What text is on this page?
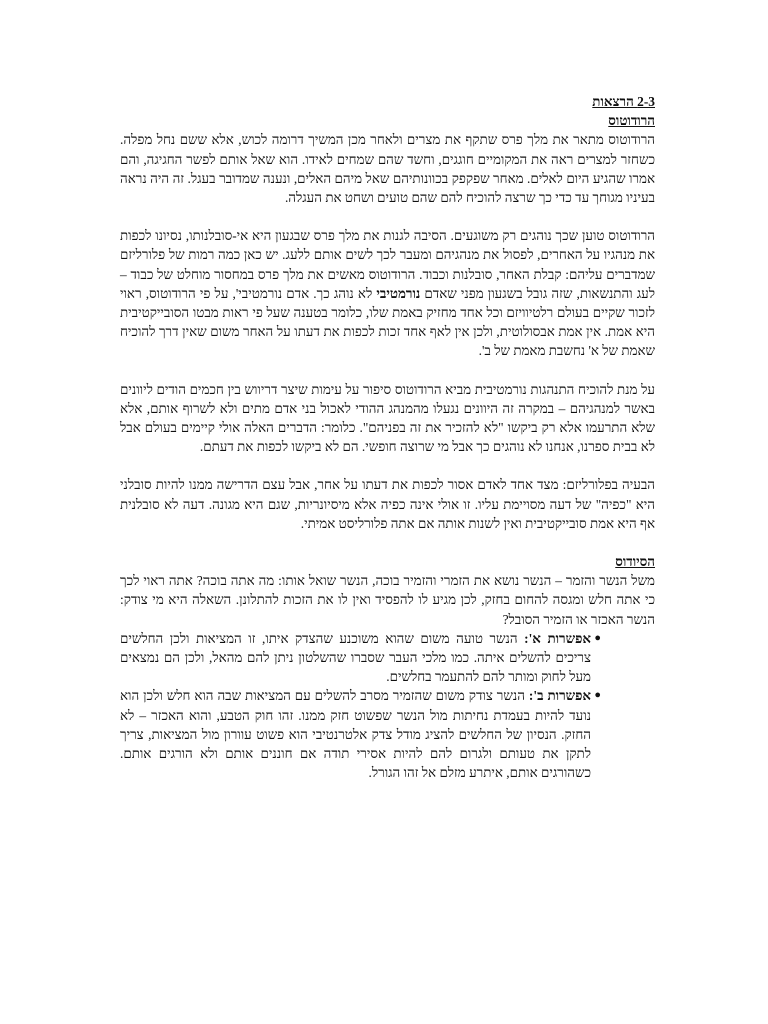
2-3 הרצאות

הרודוטוס

הרודוטוס מתאר את מלך פרס שתקף את מצרים ולאחר מכן המשיך דרומה לכוש, אלא ששם נחל מפלה. כשחזר למצרים ראה את המקומיים חוגגים, וחשד שהם שמחים לאידו. הוא שאל אותם לפשר החגיגה, והם אמרו שהגיע היום לאלים. מאחר שפקפק בכוונותיהם שאל מיהם האלים, ונענה שמדובר בעגל. זה היה נראה בעיניו מגוחך עד כדי כך שרצה להוכיח להם שהם טועים ושחט את העגלה.

הרודוטוס טוען שכך נוהגים רק משוגעים. הסיבה לגנות את מלך פרס שבגעון היא אי-סובלנותו, נסיונו לכפות את מנהגיו על האחרים, לפסול את מנהגיהם ומעבר לכך לשים אותם ללעג. יש כאן כמה רמות של פלורליזם שמדברים עליהם: קבלת האחר, סובלנות וכבוד. הרודוטוס מאשים את מלך פרס במחסור מוחלט של כבוד – לעג והתנשאות, שזה גובל בשגעון מפני שאדם נורמטיבי לא נוהג כך. אדם נורמטיבי', על פי הרודוטוס, ראוי לזכור שקיים בעולם רלטיוויזם וכל אחד מחזיק באמת שלו, כלומר בטענה שעל פי ראות מבטו הסובייקטיבית היא אמת. אין אמת אבסולוטית, ולכן אין לאף אחד זכות לכפות את דעתו על האחר משום שאין דרך להוכיח שאמת של א' נחשבת מאמת של ב'.

על מנת להוכיח התנהגות נורמטיבית מביא הרודוטוס סיפור על עימות שיצר דריווש בין חכמים הודים ליוונים באשר למנהגיהם – במקרה זה היוונים נגעלו מהמנהג ההודי לאכול בני אדם מתים ולא לשרוף אותם, אלא שלא התרעמו אלא רק ביקשו "לא להזכיר את זה בפניהם". כלומר: הדברים האלה אולי קיימים בעולם אבל לא בבית ספרנו, אנחנו לא נוהגים כך אבל מי שרוצה חופשי. הם לא ביקשו לכפות את דעתם.

הבעיה בפלורליזם: מצד אחד לאדם אסור לכפות את דעתו על אחר, אבל עצם הדרישה ממנו להיות סובלני היא "כפיה" של דעה מסויימת עליו. זו אולי אינה כפיה אלא מיסיונריות, שגם היא מגונה. דעה לא סובלנית אף היא אמת סובייקטיבית ואין לשנות אותה אם אתה פלורליסט אמיתי.

הסיודוס

משל הנשר והזמר – הנשר נושא את הזמרי והזמיר בוכה, הנשר שואל אותו: מה אתה בוכה? אתה ראוי לכך כי אתה חלש ומגסה להחום בחזק, לכן מגיע לו להפסיד ואין לו את הזכות להתלונן. השאלה היא מי צודק: הנשר האכזר או הזמיר הסובל?

●
אפשרות א': הנשר טועה משום שהוא משוכנע שהצדק איתו, זו המציאות ולכן החלשים צריכים להשלים איתה. כמו מלכי העבר שסברו שהשלטון ניתן להם מהאל, ולכן הם נמצאים מעל לחוק ומותר להם להתעמר בחלשים.
●
אפשרות ב': הנשר צודק משום שהזמיר מסרב להשלים עם המציאות שבה הוא חלש ולכן הוא נועד להיות בעמדת נחיתות מול הנשר שפשוט חזק ממנו. זהו חוק הטבע, והוא האכזר – לא החזק. הנסיון של החלשים להציג מודל צדק אלטרנטיבי הוא פשוט עוורון מול המציאות, צריך לתקן את טעותם ולגרום להם להיות אסירי תודה אם חוננים אותם ולא הורגים אותם. כשהורגים אותם, איתרע מזלם אל זהו הגורל.
